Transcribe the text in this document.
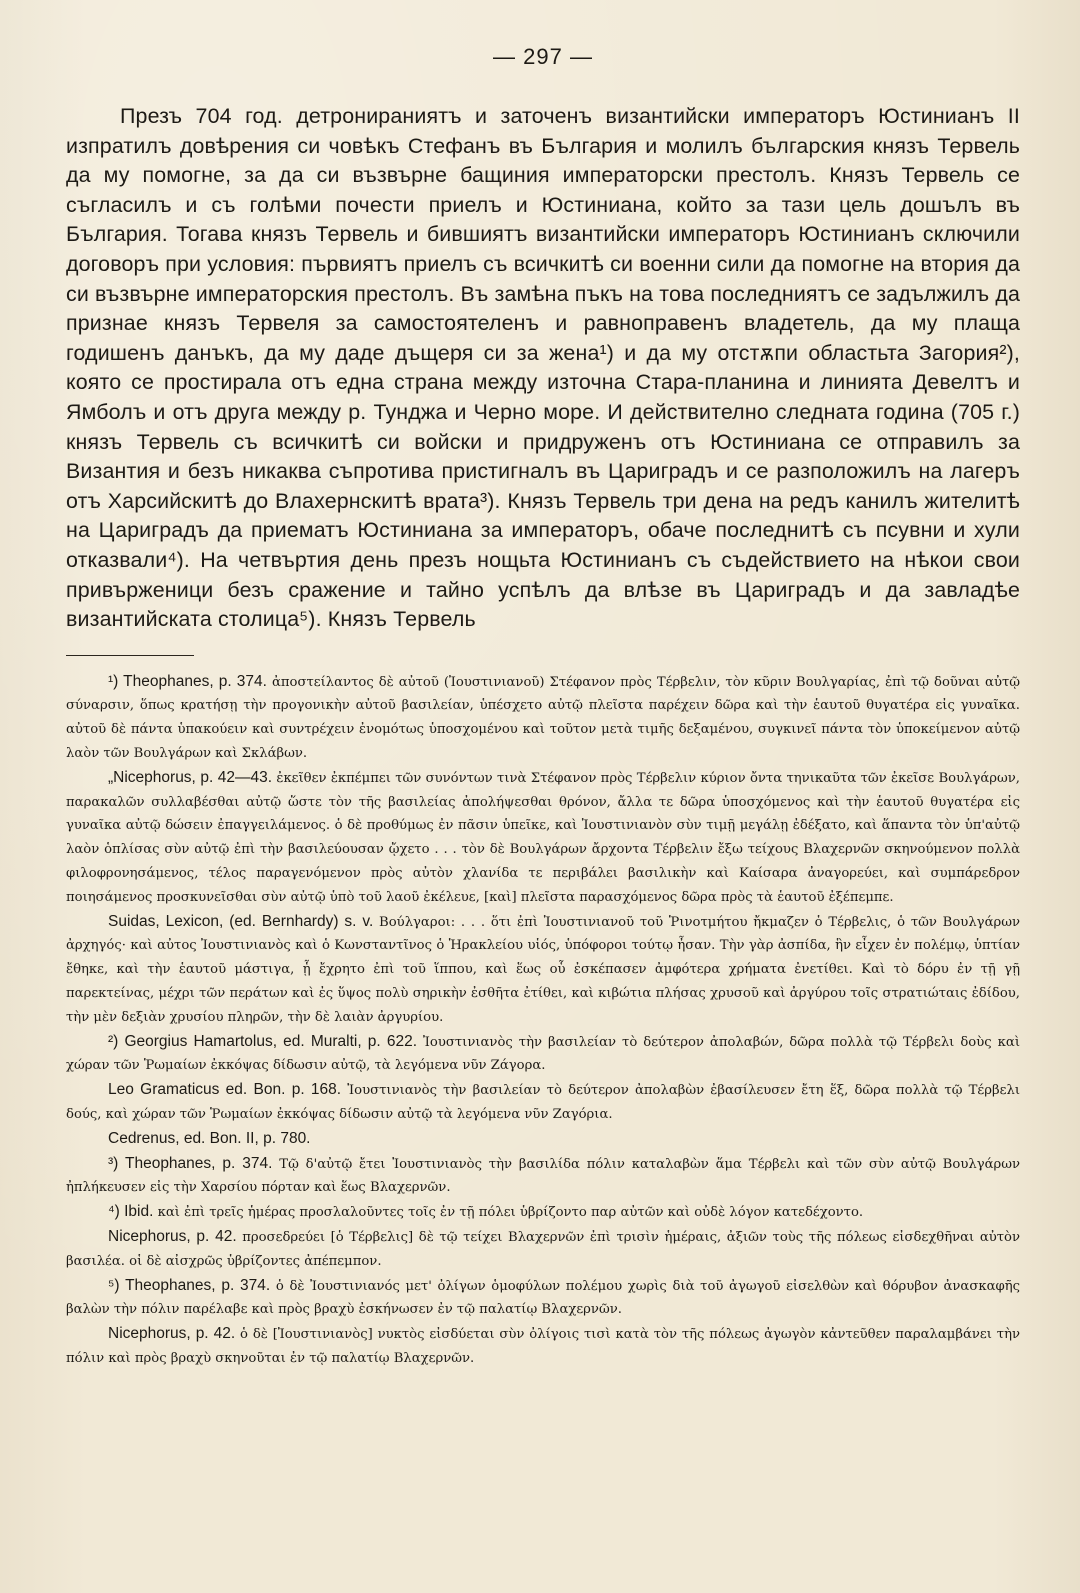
— 297 —

Презъ 704 год. детронираниятъ и заточенъ византийски императоръ Юстинианъ II изпратилъ довѣрения си човѣкъ Стефанъ въ България и молилъ българския князъ Тервель да му помогне, за да си възвърне бащиния императорски престолъ. Князъ Тервель се съгласилъ и съ голѣми почести приелъ и Юстиниана, който за тази цель дошълъ въ България. Тогава князъ Тервель и бившиятъ византийски императоръ Юстинианъ сключили договоръ при условия: първиятъ приелъ съ всичкитѣ си военни сили да помогне на втория да си възвърне императорския престолъ. Въ замѣна пъкъ на това последниятъ се задължилъ да признае князъ Тервеля за самостоятеленъ и равноправенъ владетель, да му плаща годишенъ данъкъ, да му даде дъщеря си за жена¹) и да му отстѫпи областьта Загория²), която се простирала отъ една страна между източна Стара-планина и линията Девелтъ и Ямболъ и отъ друга между р. Тунджа и Черно море. И действително следната година (705 г.) князъ Тервель съ всичкитѣ си войски и придруженъ отъ Юстиниана се отправилъ за Византия и безъ никаква съпротива пристигналъ въ Цариградъ и се разположилъ на лагеръ отъ Харсийскитѣ до Влахернскитѣ врата³). Князъ Тервель три дена на редъ канилъ жителитѣ на Цариградъ да приематъ Юстиниана за императоръ, обаче последнитѣ съ псувни и хули отказвали⁴). На четвъртия день презъ нощьта Юстинианъ съ съдействието на нѣкои свои привърженици безъ сражение и тайно успѣлъ да влѣзе въ Цариградъ и да завладѣе византийската столица⁵). Князъ Тервель

¹) Theophanes, p. 374. ἀποστείλαντος δὲ αὐτοῦ (Ἰουστινιανοῦ) Στέφανον πρὸς Τέρβελιν, τὸν κῦριν Βουλγαρίας, ἐπὶ τῷ δοῦναι αὐτῷ σύναρσιν, ὅπως κρατήσῃ τὴν προγονικὴν αὐτοῦ βασιλείαν, ὑπέσχετο αὐτῷ πλεῖστα παρέχειν δῶρα καὶ τὴν ἑαυτοῦ θυγατέρα εἰς γυναῖκα. αὐτοῦ δὲ πάντα ὑπακούειν καὶ συντρέχειν ἐνομότως ὑποσχομένου καὶ τοῦτον μετὰ τιμῆς δεξαμένου, συγκινεῖ πάντα τὸν ὑποκείμενον αὐτῷ λαὸν τῶν Βουλγάρων καὶ Σκλάβων.

„Nicephorus, p. 42—43. ἐκεῖθεν ἐκπέμπει τῶν συνόντων τινὰ Στέφανον πρὸς Τέρβελιν κύριον ὄντα τηνικαῦτα τῶν ἐκεῖσε Βουλγάρων, παρακαλῶν συλλαβέσθαι αὐτῷ ὥστε τὸν τῆς βασιλείας ἀπολήψεσθαι θρόνον, ἄλλα τε δῶρα ὑποσχόμενος καὶ τὴν ἑαυτοῦ θυγατέρα εἰς γυναῖκα αὐτῷ δώσειν ἐπαγγειλάμενος. ὁ δὲ προθύμως ἐν πᾶσιν ὑπεῖκε, καὶ Ἰουστινιανὸν σὺν τιμῇ μεγάλῃ ἐδέξατο, καὶ ἅπαντα τὸν ὑπ'αὐτῷ λαὸν ὁπλίσας σὺν αὐτῷ ἐπὶ τὴν βασιλεύουσαν ᾤχετο . . . τὸν δὲ Βουλγάρων ἄρχοντα Τέρβελιν ἔξω τείχους Βλαχερνῶν σκηνούμενον πολλὰ φιλοφρονησάμενος, τέλος παραγενόμενον πρὸς αὐτὸν χλανίδα τε περιβάλει βασιλικὴν καὶ Καίσαρα ἀναγορεύει, καὶ συμπάρεδρον ποιησάμενος προσκυνεῖσθαι σὺν αὐτῷ ὑπὸ τοῦ λαοῦ ἐκέλευε, [καὶ] πλεῖστα παρασχόμενος δῶρα πρὸς τὰ ἑαυτοῦ ἐξέπεμπε.

Suidas, Lexicon, (ed. Bernhardy) s. v. Βούλγαροι: . . . ὅτι ἐπὶ Ἰουστινιανοῦ τοῦ Ῥινοτμήτου ἤκμαζεν ὁ Τέρβελις, ὁ τῶν Βουλγάρων ἀρχηγός· καὶ αὐτος Ἰουστινιανὸς καὶ ὁ Κωνσταντῖνος ὁ Ἡρακλείου υἱός, ὑπόφοροι τούτῳ ἦσαν. Τὴν γὰρ ἀσπίδα, ἣν εἶχεν ἐν πολέμῳ, ὑπτίαν ἔθηκε, καὶ τὴν ἑαυτοῦ μάστιγα, ᾗ ἔχρητο ἐπὶ τοῦ ἵππου, καὶ ἕως οὗ ἐσκέπασεν ἀμφότερα χρήματα ἐνετίθει. Καὶ τὸ δόρυ ἐν τῇ γῇ παρεκτείνας, μέχρι τῶν περάτων καὶ ἐς ὕψος πολὺ σηρικὴν ἐσθῆτα ἐτίθει, καὶ κιβώτια πλήσας χρυσοῦ καὶ ἀργύρου τοῖς στρατιώταις ἐδίδου, τὴν μὲν δεξιὰν χρυσίου πληρῶν, τὴν δὲ λαιὰν ἀργυρίου.

²) Georgius Hamartolus, ed. Muralti, p. 622. Ἰουστινιανὸς τὴν βασιλείαν τὸ δεύτερον ἀπολαβών, δῶρα πολλὰ τῷ Τέρβελι δοὺς καὶ χώραν τῶν Ῥωμαίων ἐκκόψας δίδωσιν αὐτῷ, τὰ λεγόμενα νῦν Ζάγορα.

Leo Gramaticus ed. Bon. p. 168. Ἰουστινιανὸς τὴν βασιλείαν τὸ δεύτερον ἀπολαβὼν ἐβασίλευσεν ἔτη ἕξ, δῶρα πολλὰ τῷ Τέρβελι δούς, καὶ χώραν τῶν Ῥωμαίων ἐκκόψας δίδωσιν αὐτῷ τὰ λεγόμενα νῦν Ζαγόρια.

Cedrenus, ed. Bon. II, p. 780.

³) Theophanes, p. 374. Τῷ δ'αὐτῷ ἔτει Ἰουστινιανὸς τὴν βασιλίδα πόλιν καταλαβὼν ἅμα Τέρβελι καὶ τῶν σὺν αὐτῷ Βουλγάρων ἠπλήκευσεν εἰς τὴν Χαρσίου πόρταν καὶ ἕως Βλαχερνῶν.

⁴) Ibid. καὶ ἐπὶ τρεῖς ἡμέρας προσλαλοῦντες τοῖς ἐν τῇ πόλει ὑβρίζοντο παρ αὐτῶν καὶ οὐδὲ λόγον κατεδέχοντο.

Nicephorus, p. 42. προσεδρεύει [ὁ Τέρβελις] δὲ τῷ τείχει Βλαχερνῶν ἐπὶ τρισὶν ἡμέραις, ἀξιῶν τοὺς τῆς πόλεως εἰσδεχθῆναι αὐτὸν βασιλέα. οἱ δὲ αἰσχρῶς ὑβρίζοντες ἀπέπεμπον.

⁵) Theophanes, p. 374. ὁ δὲ Ἰουστινιανός μετ' ὀλίγων ὁμοφύλων πολέμου χωρὶς διὰ τοῦ ἀγωγοῦ εἰσελθὼν καὶ θόρυβον ἀνασκαφῆς βαλὼν τὴν πόλιν παρέλαβε καὶ πρὸς βραχὺ ἐσκήνωσεν ἐν τῷ παλατίῳ Βλαχερνῶν.

Nicephorus, p. 42. ὁ δὲ [Ἰουστινιανὸς] νυκτὸς εἰσδύεται σὺν ὀλίγοις τισὶ κατὰ τὸν τῆς πόλεως ἀγωγὸν κἀντεῦθεν παραλαμβάνει τὴν πόλιν καὶ πρὸς βραχὺ σκηνοῦται ἐν τῷ παλατίῳ Βλαχερνῶν.
